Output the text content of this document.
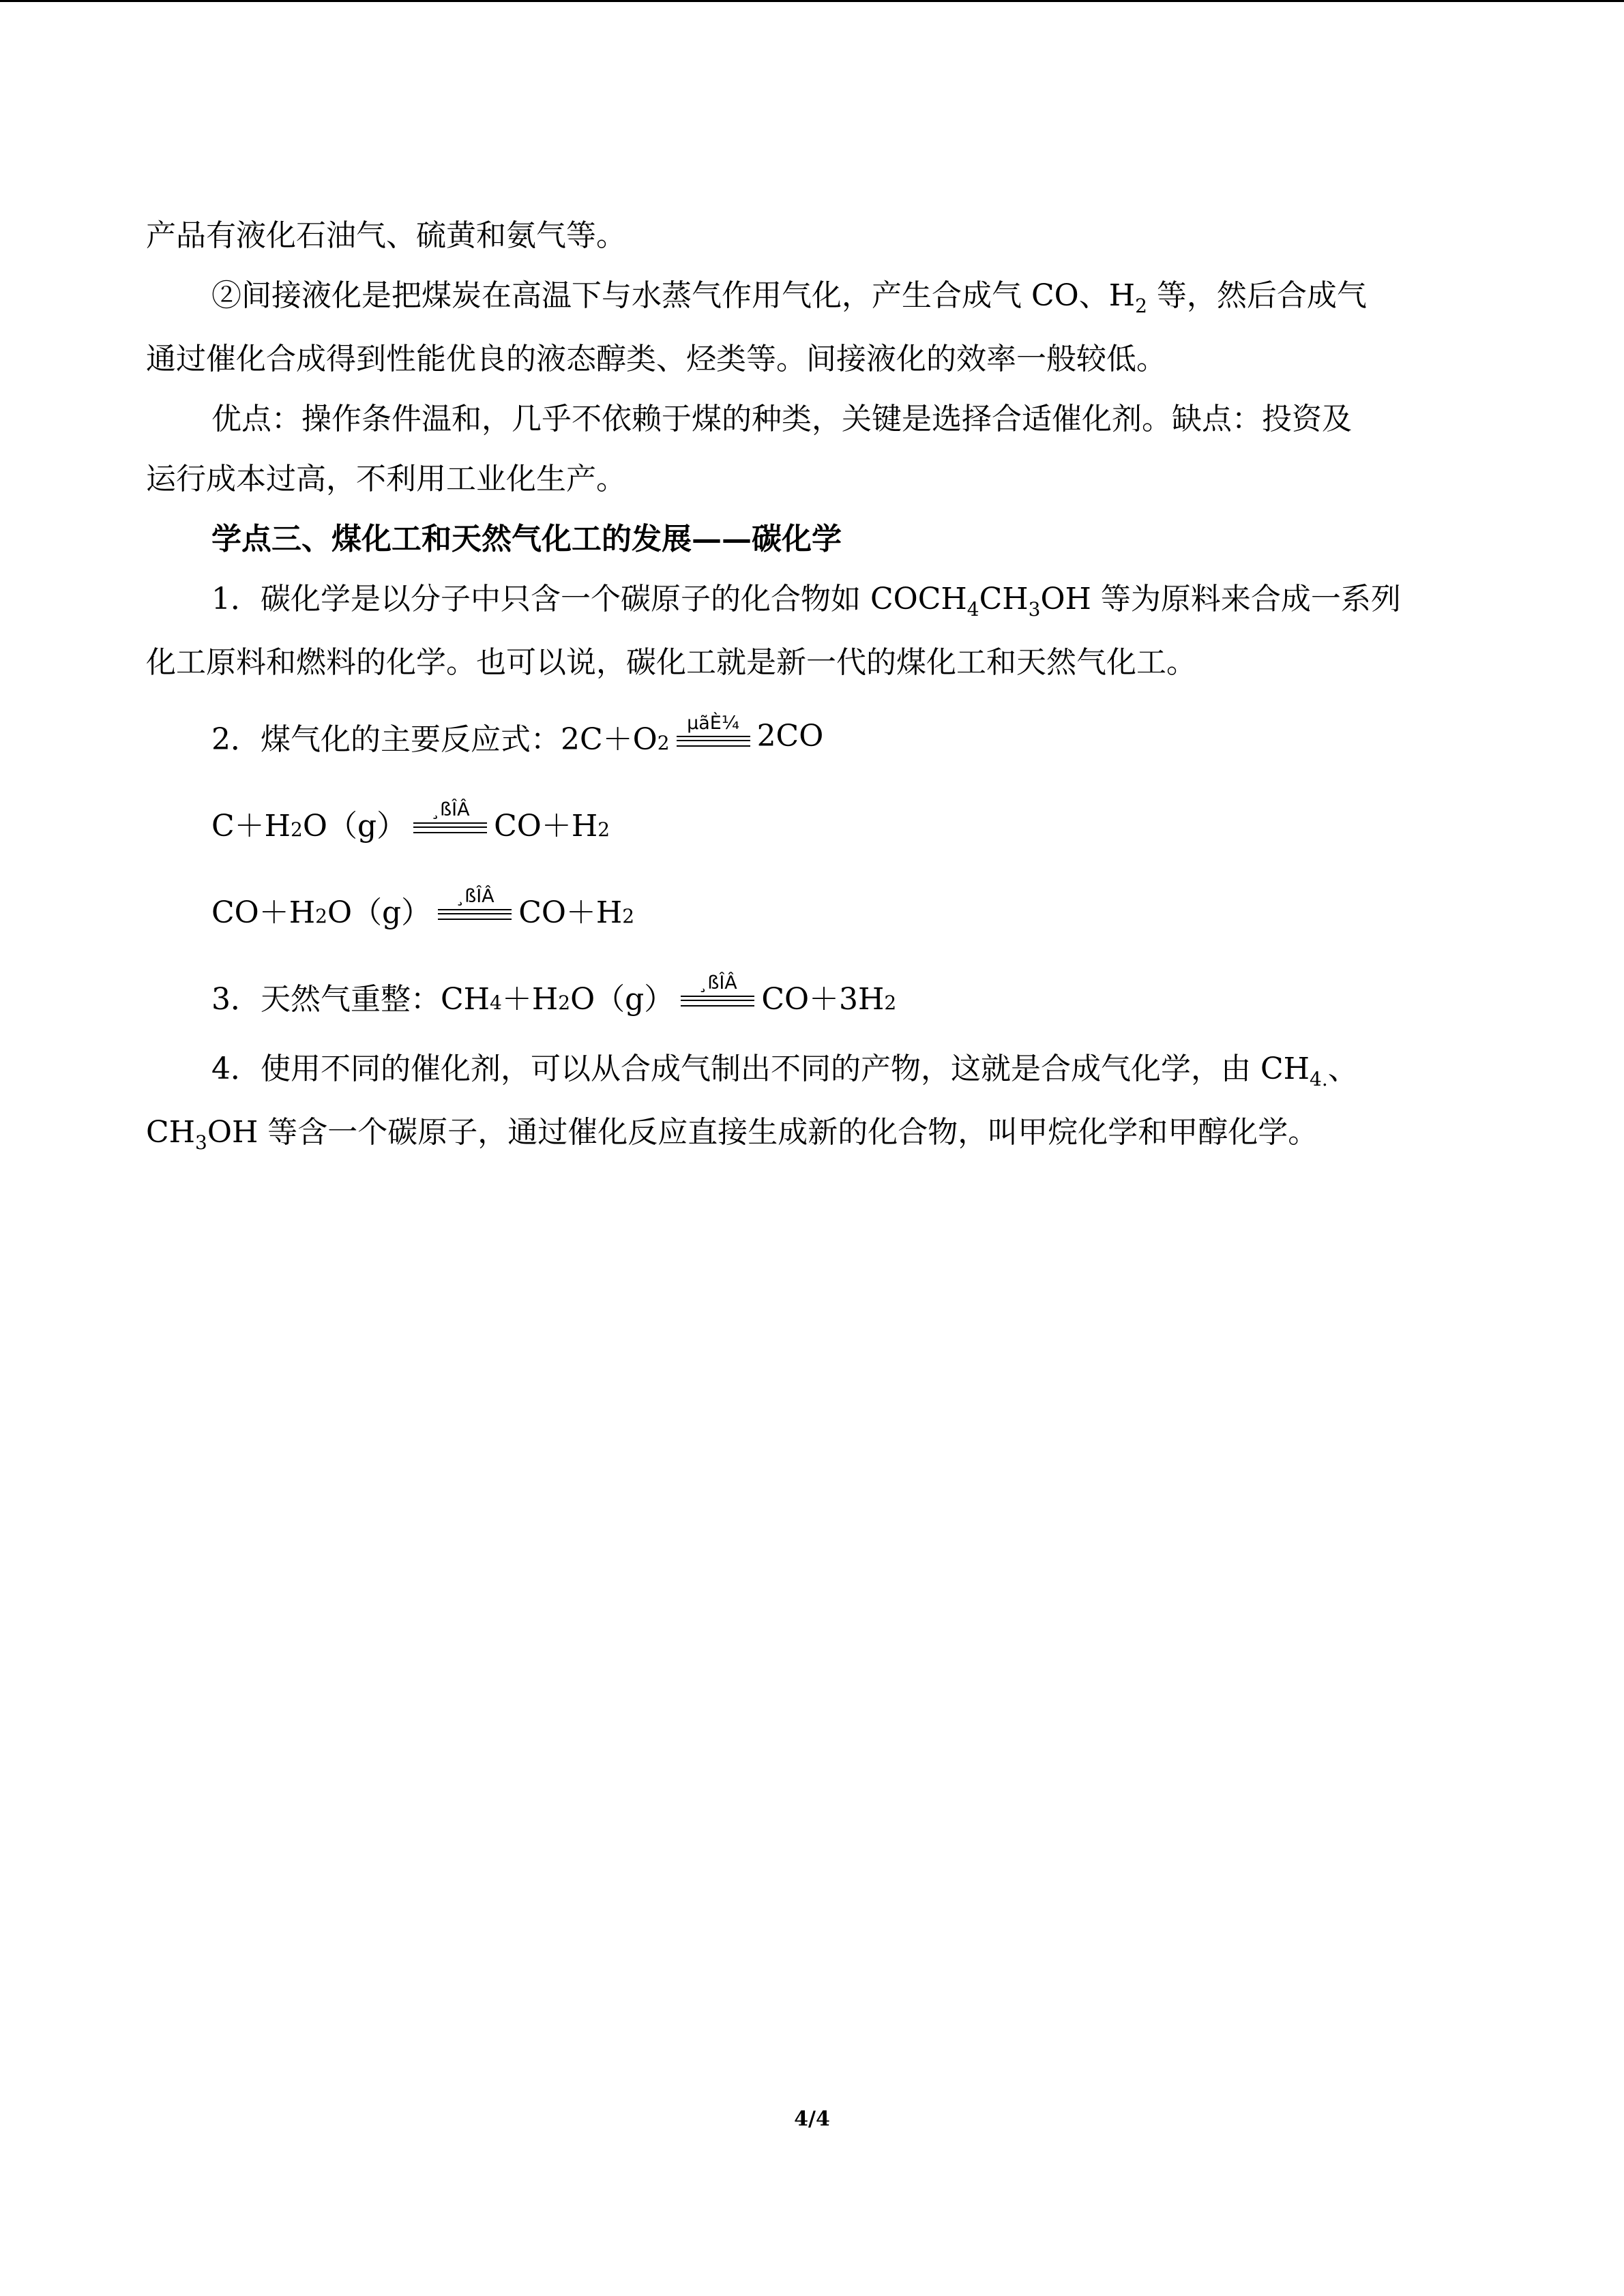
产品有液化石油气、硫黄和氨气等。

②间接液化是把煤炭在高温下与水蒸气作用气化，产生合成气 CO、$H_2$ 等，然后合成气

通过催化合成得到性能优良的液态醇类、烃类等。间接液化的效率一般较低。

优点：操作条件温和，几乎不依赖于煤的种类，关键是选择合适催化剂。缺点：投资及

运行成本过高，不利用工业化生产。

学点三、煤化工和天然气化工的发展——碳化学

1．碳化学是以分子中只含一个碳原子的化合物如 $COCH_4CH_3OH$ 等为原料来合成一系列

化工原料和燃料的化学。也可以说，碳化工就是新一代的煤化工和天然气化工。

2．煤气化的主要反应式：2C＋O 2
µãÈ¼ 2CO
C＋H 2 O（g） ¸ßÎÂ CO＋H 2
CO＋H 2 O（g） ¸ßÎÂ CO＋H 2
3．天然气重整：CH 4 ＋H 2 O（g） ¸ßÎÂ CO＋3H 2

4．使用不同的催化剂，可以从合成气制出不同的产物，这就是合成气化学，由 $CH_{4.}$、

$CH_3OH$ 等含一个碳原子，通过催化反应直接生成新的化合物，叫甲烷化学和甲醇化学。

4/4
